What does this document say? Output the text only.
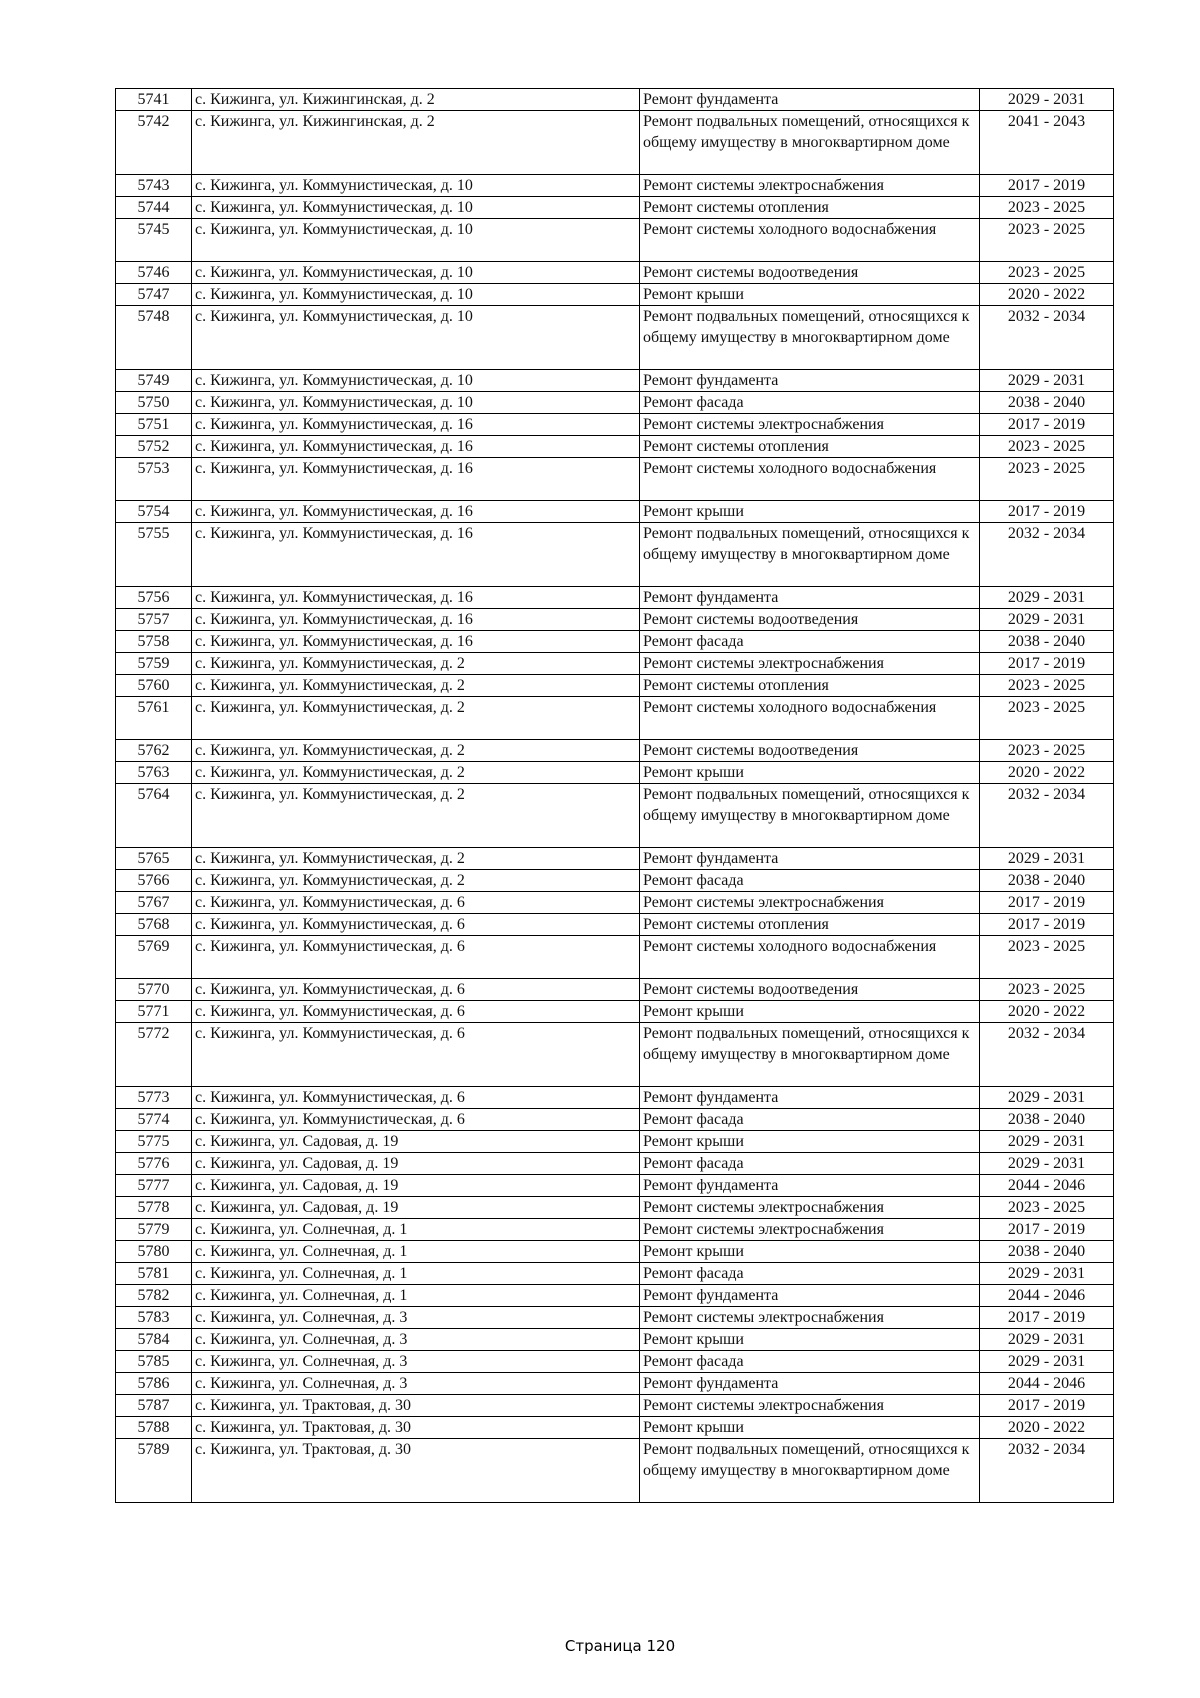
5741	с. Кижинга, ул. Кижингинская, д. 2	Ремонт фундамента	2029 - 2031
5742	с. Кижинга, ул. Кижингинская, д. 2	Ремонт подвальных помещений, относящихся к общему имуществу в многоквартирном доме	2041 - 2043
5743	с. Кижинга, ул. Коммунистическая, д. 10	Ремонт системы электроснабжения	2017 - 2019
5744	с. Кижинга, ул. Коммунистическая, д. 10	Ремонт системы отопления	2023 - 2025
5745	с. Кижинга, ул. Коммунистическая, д. 10	Ремонт системы холодного водоснабжения	2023 - 2025
5746	с. Кижинга, ул. Коммунистическая, д. 10	Ремонт системы водоотведения	2023 - 2025
5747	с. Кижинга, ул. Коммунистическая, д. 10	Ремонт крыши	2020 - 2022
5748	с. Кижинга, ул. Коммунистическая, д. 10	Ремонт подвальных помещений, относящихся к общему имуществу в многоквартирном доме	2032 - 2034
5749	с. Кижинга, ул. Коммунистическая, д. 10	Ремонт фундамента	2029 - 2031
5750	с. Кижинга, ул. Коммунистическая, д. 10	Ремонт фасада	2038 - 2040
5751	с. Кижинга, ул. Коммунистическая, д. 16	Ремонт системы электроснабжения	2017 - 2019
5752	с. Кижинга, ул. Коммунистическая, д. 16	Ремонт системы отопления	2023 - 2025
5753	с. Кижинга, ул. Коммунистическая, д. 16	Ремонт системы холодного водоснабжения	2023 - 2025
5754	с. Кижинга, ул. Коммунистическая, д. 16	Ремонт крыши	2017 - 2019
5755	с. Кижинга, ул. Коммунистическая, д. 16	Ремонт подвальных помещений, относящихся к общему имуществу в многоквартирном доме	2032 - 2034
5756	с. Кижинга, ул. Коммунистическая, д. 16	Ремонт фундамента	2029 - 2031
5757	с. Кижинга, ул. Коммунистическая, д. 16	Ремонт системы водоотведения	2029 - 2031
5758	с. Кижинга, ул. Коммунистическая, д. 16	Ремонт фасада	2038 - 2040
5759	с. Кижинга, ул. Коммунистическая, д. 2	Ремонт системы электроснабжения	2017 - 2019
5760	с. Кижинга, ул. Коммунистическая, д. 2	Ремонт системы отопления	2023 - 2025
5761	с. Кижинга, ул. Коммунистическая, д. 2	Ремонт системы холодного водоснабжения	2023 - 2025
5762	с. Кижинга, ул. Коммунистическая, д. 2	Ремонт системы водоотведения	2023 - 2025
5763	с. Кижинга, ул. Коммунистическая, д. 2	Ремонт крыши	2020 - 2022
5764	с. Кижинга, ул. Коммунистическая, д. 2	Ремонт подвальных помещений, относящихся к общему имуществу в многоквартирном доме	2032 - 2034
5765	с. Кижинга, ул. Коммунистическая, д. 2	Ремонт фундамента	2029 - 2031
5766	с. Кижинга, ул. Коммунистическая, д. 2	Ремонт фасада	2038 - 2040
5767	с. Кижинга, ул. Коммунистическая, д. 6	Ремонт системы электроснабжения	2017 - 2019
5768	с. Кижинга, ул. Коммунистическая, д. 6	Ремонт системы отопления	2017 - 2019
5769	с. Кижинга, ул. Коммунистическая, д. 6	Ремонт системы холодного водоснабжения	2023 - 2025
5770	с. Кижинга, ул. Коммунистическая, д. 6	Ремонт системы водоотведения	2023 - 2025
5771	с. Кижинга, ул. Коммунистическая, д. 6	Ремонт крыши	2020 - 2022
5772	с. Кижинга, ул. Коммунистическая, д. 6	Ремонт подвальных помещений, относящихся к общему имуществу в многоквартирном доме	2032 - 2034
5773	с. Кижинга, ул. Коммунистическая, д. 6	Ремонт фундамента	2029 - 2031
5774	с. Кижинга, ул. Коммунистическая, д. 6	Ремонт фасада	2038 - 2040
5775	с. Кижинга, ул. Садовая, д. 19	Ремонт крыши	2029 - 2031
5776	с. Кижинга, ул. Садовая, д. 19	Ремонт фасада	2029 - 2031
5777	с. Кижинга, ул. Садовая, д. 19	Ремонт фундамента	2044 - 2046
5778	с. Кижинга, ул. Садовая, д. 19	Ремонт системы электроснабжения	2023 - 2025
5779	с. Кижинга, ул. Солнечная, д. 1	Ремонт системы электроснабжения	2017 - 2019
5780	с. Кижинга, ул. Солнечная, д. 1	Ремонт крыши	2038 - 2040
5781	с. Кижинга, ул. Солнечная, д. 1	Ремонт фасада	2029 - 2031
5782	с. Кижинга, ул. Солнечная, д. 1	Ремонт фундамента	2044 - 2046
5783	с. Кижинга, ул. Солнечная, д. 3	Ремонт системы электроснабжения	2017 - 2019
5784	с. Кижинга, ул. Солнечная, д. 3	Ремонт крыши	2029 - 2031
5785	с. Кижинга, ул. Солнечная, д. 3	Ремонт фасада	2029 - 2031
5786	с. Кижинга, ул. Солнечная, д. 3	Ремонт фундамента	2044 - 2046
5787	с. Кижинга, ул. Трактовая, д. 30	Ремонт системы электроснабжения	2017 - 2019
5788	с. Кижинга, ул. Трактовая, д. 30	Ремонт крыши	2020 - 2022
5789	с. Кижинга, ул. Трактовая, д. 30	Ремонт подвальных помещений, относящихся к общему имуществу в многоквартирном доме	2032 - 2034
Страница 120
